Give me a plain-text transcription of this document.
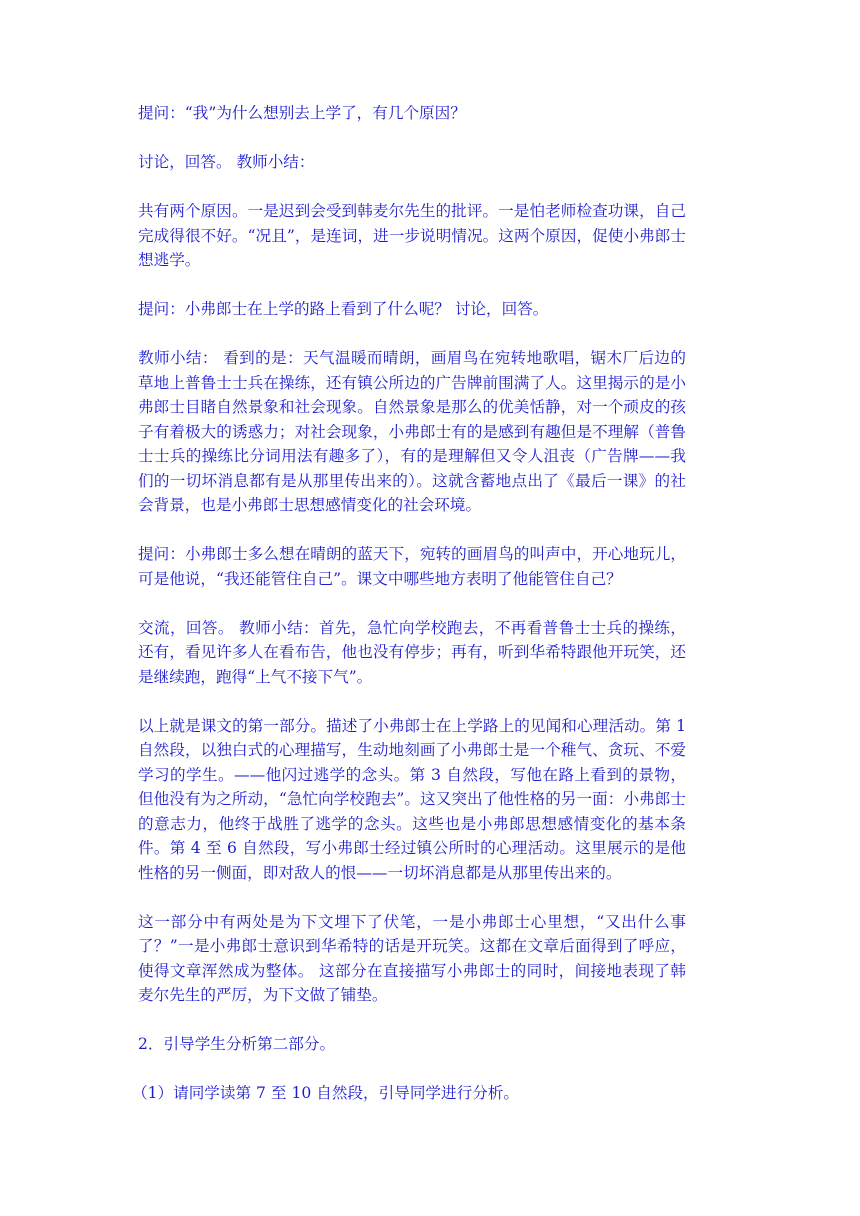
提问：“我”为什么想别去上学了，有几个原因？

讨论，回答。 教师小结：

共有两个原因。一是迟到会受到韩麦尔先生的批评。一是怕老师检查功课，自己完成得很不好。“况且”，是连词，进一步说明情况。这两个原因，促使小弗郎士想逃学。

提问：小弗郎士在上学的路上看到了什么呢？ 讨论，回答。

教师小结： 看到的是：天气温暖而晴朗，画眉鸟在宛转地歌唱，锯木厂后边的草地上普鲁士士兵在操练，还有镇公所边的广告牌前围满了人。这里揭示的是小弗郎士目睹自然景象和社会现象。自然景象是那么的优美恬静，对一个顽皮的孩子有着极大的诱惑力；对社会现象，小弗郎士有的是感到有趣但是不理解（普鲁士士兵的操练比分词用法有趣多了），有的是理解但又令人沮丧（广告牌——我们的一切坏消息都有是从那里传出来的）。这就含蓄地点出了《最后一课》的社会背景，也是小弗郎士思想感情变化的社会环境。

提问：小弗郎士多么想在晴朗的蓝天下，宛转的画眉鸟的叫声中，开心地玩儿，可是他说，“我还能管住自己”。课文中哪些地方表明了他能管住自己？

交流，回答。 教师小结：首先，急忙向学校跑去，不再看普鲁士士兵的操练，还有，看见许多人在看布告，他也没有停步；再有，听到华希特跟他开玩笑，还是继续跑，跑得“上气不接下气”。

以上就是课文的第一部分。描述了小弗郎士在上学路上的见闻和心理活动。第 1 自然段，以独白式的心理描写，生动地刻画了小弗郎士是一个稚气、贪玩、不爱学习的学生。——他闪过逃学的念头。第 3 自然段，写他在路上看到的景物，但他没有为之所动，“急忙向学校跑去”。这又突出了他性格的另一面：小弗郎士的意志力，他终于战胜了逃学的念头。这些也是小弗郎思想感情变化的基本条件。第 4 至 6 自然段，写小弗郎士经过镇公所时的心理活动。这里展示的是他性格的另一侧面，即对敌人的恨——一切坏消息都是从那里传出来的。

这一部分中有两处是为下文埋下了伏笔，一是小弗郎士心里想，“又出什么事了？”一是小弗郎士意识到华希特的话是开玩笑。这都在文章后面得到了呼应，使得文章浑然成为整体。 这部分在直接描写小弗郎士的同时，间接地表现了韩麦尔先生的严厉，为下文做了铺垫。

2．引导学生分析第二部分。

（1）请同学读第 7 至 10 自然段，引导同学进行分析。
